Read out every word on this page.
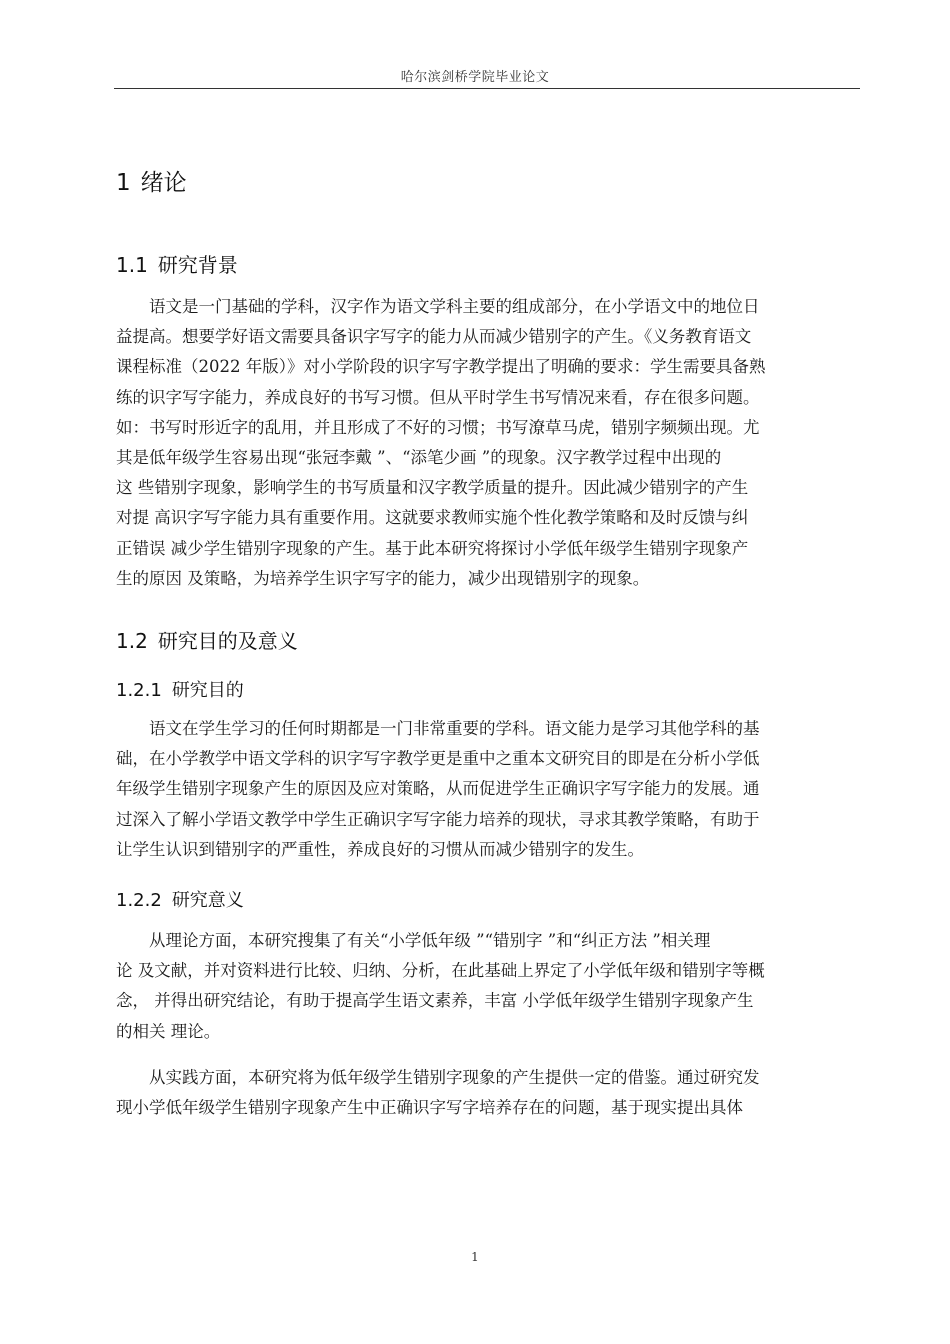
哈尔滨剑桥学院毕业论文
1 绪论
1.1 研究背景

语文是一门基础的学科，汉字作为语文学科主要的组成部分，在小学语文中的地位日
益提高。想要学好语文需要具备识字写字的能力从而减少错别字的产生。《义务教育语文
课程标准（2022 年版）》对小学阶段的识字写字教学提出了明确的要求：学生需要具备熟
练的识字写字能力，养成良好的书写习惯。但从平时学生书写情况来看，存在很多问题。
如：书写时形近字的乱用，并且形成了不好的习惯；书写潦草马虎，错别字频频出现。尤
其是低年级学生容易出现“张冠李戴 ”、“添笔少画 ”的现象。汉字教学过程中出现的
这 些错别字现象，影响学生的书写质量和汉字教学质量的提升。因此减少错别字的产生
对提 高识字写字能力具有重要作用。这就要求教师实施个性化教学策略和及时反馈与纠
正错误 减少学生错别字现象的产生。基于此本研究将探讨小学低年级学生错别字现象产
生的原因 及策略，为培养学生识字写字的能力，减少出现错别字的现象。

1.2 研究目的及意义
1.2.1 研究目的

语文在学生学习的任何时期都是一门非常重要的学科。语文能力是学习其他学科的基
础，在小学教学中语文学科的识字写字教学更是重中之重本文研究目的即是在分析小学低
年级学生错别字现象产生的原因及应对策略，从而促进学生正确识字写字能力的发展。通
过深入了解小学语文教学中学生正确识字写字能力培养的现状，寻求其教学策略，有助于
让学生认识到错别字的严重性，养成良好的习惯从而减少错别字的发生。

1.2.2 研究意义

从理论方面，本研究搜集了有关“小学低年级 ”“错别字 ”和“纠正方法 ”相关理
论 及文献，并对资料进行比较、归纳、分析，在此基础上界定了小学低年级和错别字等概
念， 并得出研究结论，有助于提高学生语文素养，丰富 小学低年级学生错别字现象产生
的相关 理论。

从实践方面，本研究将为低年级学生错别字现象的产生提供一定的借鉴。通过研究发
现小学低年级学生错别字现象产生中正确识字写字培养存在的问题，基于现实提出具体

1
